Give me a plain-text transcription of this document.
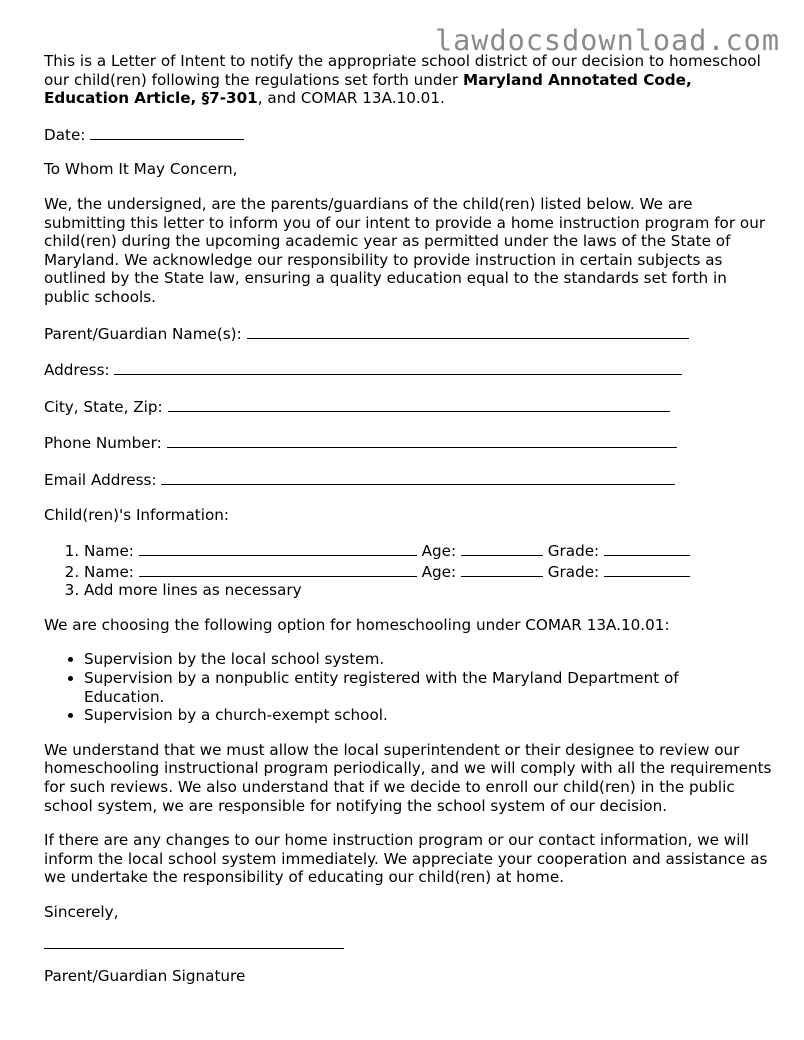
lawdocsdownload.com

This is a Letter of Intent to notify the appropriate school district of our decision to homeschool our child(ren) following the regulations set forth under Maryland Annotated Code, Education Article, §7-301, and COMAR 13A.10.01.

Date:

To Whom It May Concern,

We, the undersigned, are the parents/guardians of the child(ren) listed below. We are submitting this letter to inform you of our intent to provide a home instruction program for our child(ren) during the upcoming academic year as permitted under the laws of the State of Maryland. We acknowledge our responsibility to provide instruction in certain subjects as outlined by the State law, ensuring a quality education equal to the standards set forth in public schools.

Parent/Guardian Name(s):
Address:
City, State, Zip:
Phone Number:
Email Address:

Child(ren)'s Information:

1. Name:	Age:	Grade:
2. Name:	Age:	Grade:
3. Add more lines as necessary

We are choosing the following option for homeschooling under COMAR 13A.10.01:

• Supervision by the local school system.
• Supervision by a nonpublic entity registered with the Maryland Department of Education.
• Supervision by a church-exempt school.

We understand that we must allow the local superintendent or their designee to review our homeschooling instructional program periodically, and we will comply with all the requirements for such reviews. We also understand that if we decide to enroll our child(ren) in the public school system, we are responsible for notifying the school system of our decision.

If there are any changes to our home instruction program or our contact information, we will inform the local school system immediately. We appreciate your cooperation and assistance as we undertake the responsibility of educating our child(ren) at home.

Sincerely,

Parent/Guardian Signature
